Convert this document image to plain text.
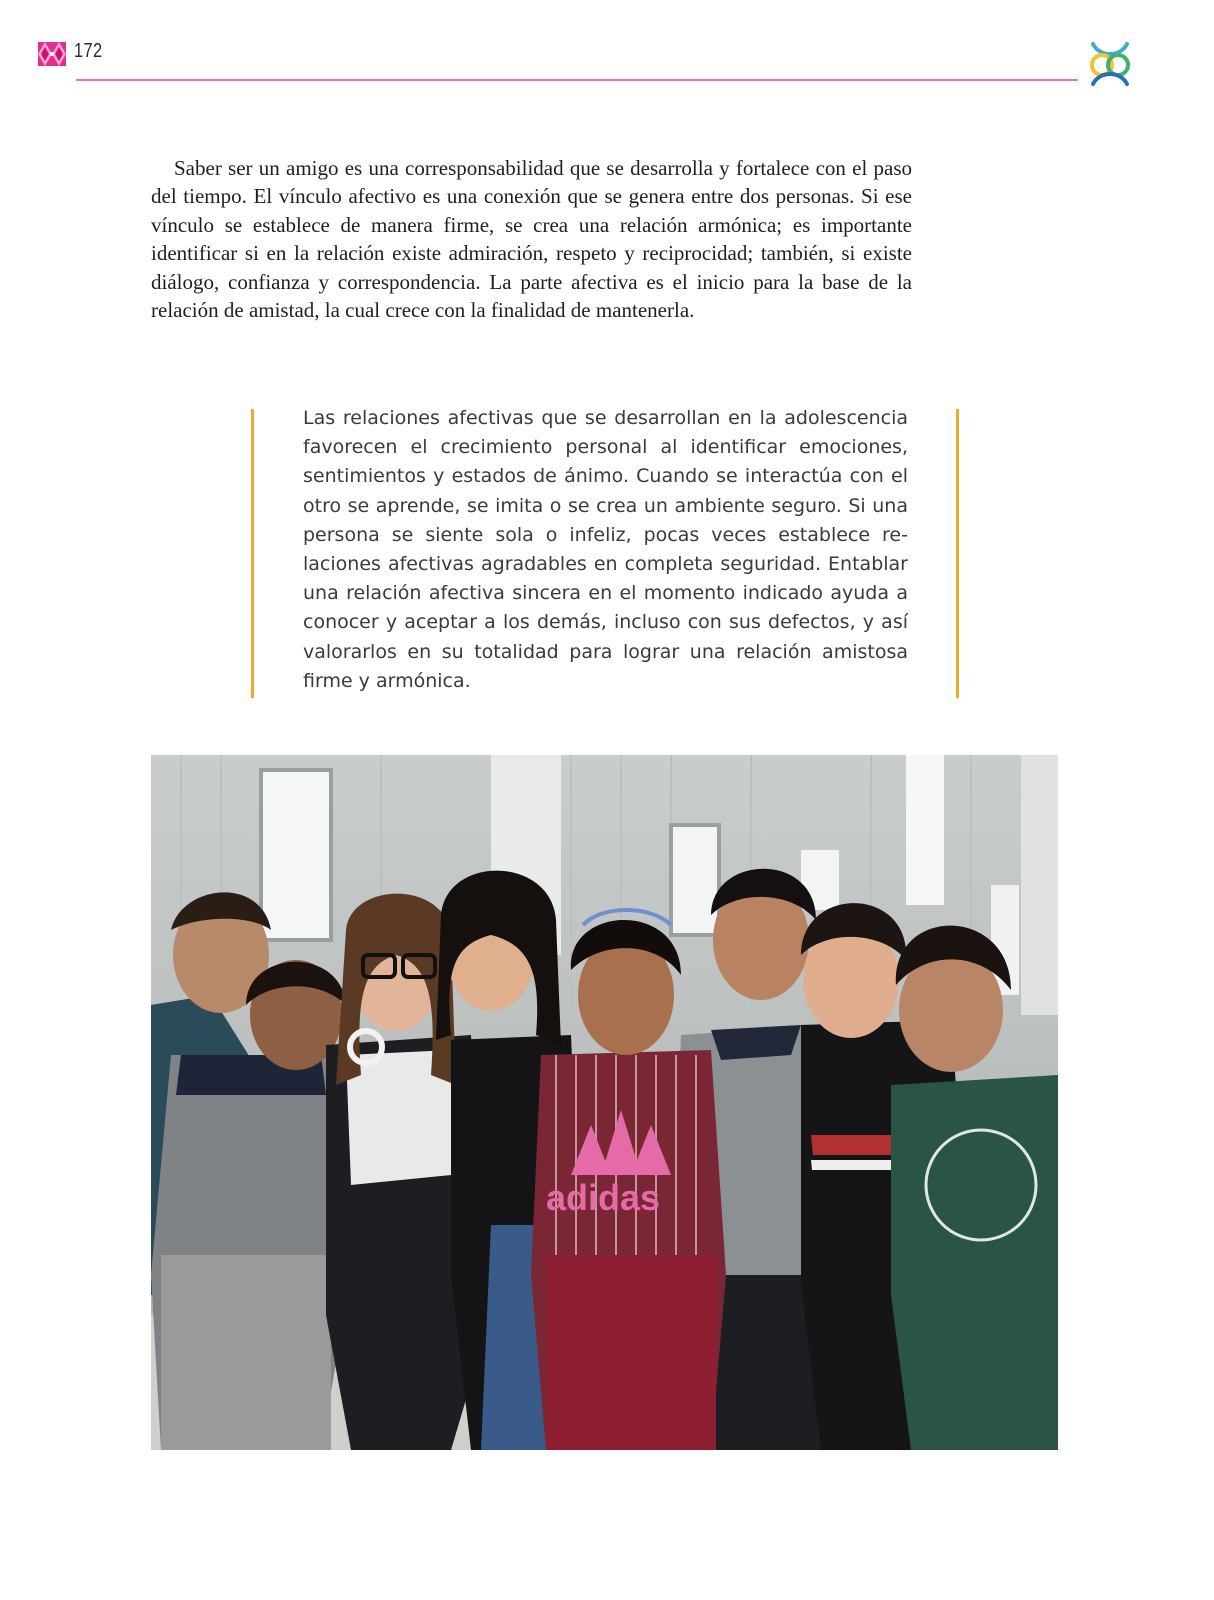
172

Saber ser un amigo es una corresponsabilidad que se desarrolla y fortalece con el paso del tiempo. El vínculo afectivo es una conexión que se genera entre dos personas. Si ese vínculo se establece de manera firme, se crea una relación armónica; es importante identificar si en la relación existe admiración, respeto y reciprocidad; también, si existe diálogo, confianza y correspondencia. La parte afectiva es el inicio para la base de la relación de amistad, la cual crece con la finalidad de mantenerla.

Las relaciones afectivas que se desarrollan en la adolescencia favorecen el crecimiento personal al identificar emociones, sentimientos y estados de ánimo. Cuando se interactúa con el otro se aprende, se imita o se crea un ambiente seguro. Si una persona se siente sola o infeliz, pocas veces establece relaciones afectivas agradables en completa seguridad. Entablar una relación afectiva sincera en el momento indicado ayuda a conocer y aceptar a los demás, incluso con sus defectos, y así valorarlos en su totalidad para lograr una relación amistosa firme y armónica.

adidas
